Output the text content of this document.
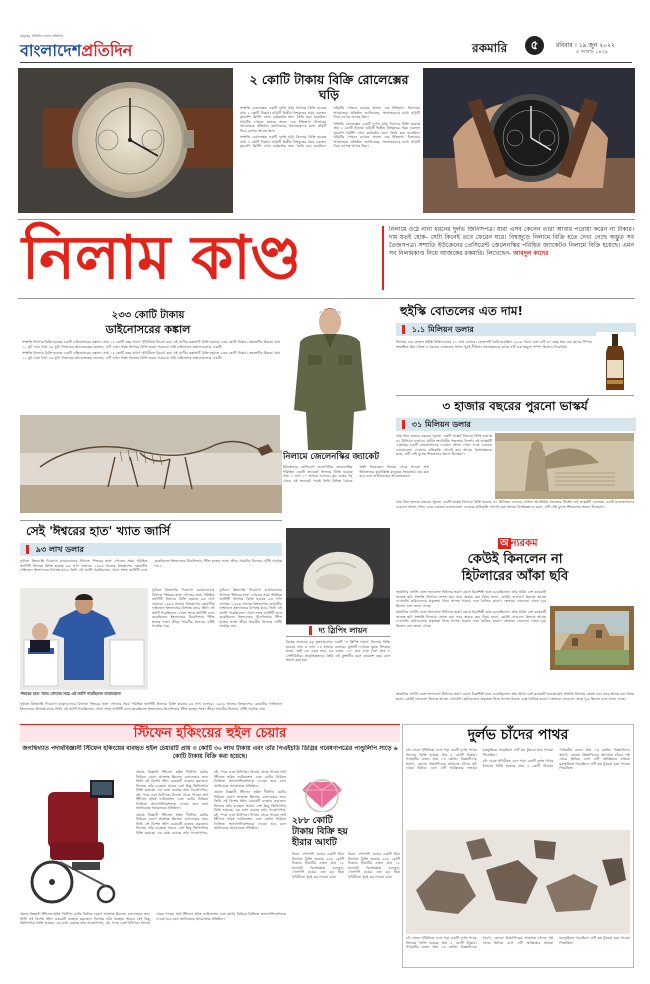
মানুষের প্রতিদিন সবার প্রতিদিন
বাংলাদেশপ্রতিদিন	রকমারি	৫	রবিবার । ১৯ জুন ২০২২
৫ আষাঢ় ১৪২৯
২ কোটি টাকায় বিক্রি রোলেক্সের ঘড়ি

সম্প্রতি রোলেক্সের একটি দুর্লভ ঘড়ি নিলামে বিক্রি হয়েছে প্রায় ২ কোটি টাকায়। ঘড়িটি দ্বিতীয় বিশ্বযুদ্ধের সময় একজন যুদ্ধবন্দি ব্রিটিশ সেনা কর্মকর্তার জন্য তৈরি করা হয়েছিল। ঘড়িটির পেছনে রয়েছে অনন্য এক ইতিহাস। নিলামের আয়োজক প্রতিষ্ঠান জানিয়েছে, সংগ্রাহকদের মধ্যে ঘড়িটি নিয়ে ব্যাপক আগ্রহ ছিল।

সম্প্রতি রোলেক্সের একটি দুর্লভ ঘড়ি নিলামে বিক্রি হয়েছে প্রায় ২ কোটি টাকায়। ঘড়িটি দ্বিতীয় বিশ্বযুদ্ধের সময় একজন যুদ্ধবন্দি ব্রিটিশ সেনা কর্মকর্তার জন্য তৈরি করা হয়েছিল। ঘড়িটির পেছনে রয়েছে অনন্য এক ইতিহাস। নিলামের আয়োজক প্রতিষ্ঠান জানিয়েছে, সংগ্রাহকদের মধ্যে ঘড়িটি নিয়ে ব্যাপক আগ্রহ ছিল।

সম্প্রতি রোলেক্সের একটি দুর্লভ ঘড়ি নিলামে বিক্রি হয়েছে প্রায় ২ কোটি টাকায়। ঘড়িটি দ্বিতীয় বিশ্বযুদ্ধের সময় একজন যুদ্ধবন্দি ব্রিটিশ সেনা কর্মকর্তার জন্য তৈরি করা হয়েছিল। ঘড়িটির পেছনে রয়েছে অনন্য এক ইতিহাস। নিলামের আয়োজক প্রতিষ্ঠান জানিয়েছে, সংগ্রাহকদের মধ্যে ঘড়িটি নিয়ে ব্যাপক আগ্রহ ছিল।

নিলাম কাণ্ড	নিলামে ওঠে নানা ধরনের দুর্লভ জিনিসপত্র। যারা এসব কেনেন তারা আবার পরোয়া করেন না টাকার। দাম যতই হোক- সেটা কিনেই তবে ফেরেন ঘরে। বিশ্বজুড়ে নিলামে বিক্রি হতে দেখা গেছে অদ্ভুত সব তৈজসপত্র। সম্প্রতি ইউক্রেনের প্রেসিডেন্ট জেলেনস্কির পরিহিত জ্যাকেটও নিলামে বিক্রি হয়েছে। এমন সব নিলামকাণ্ড নিয়ে আজকের রকমারি। লিখেছেন- আবদুল কাদের
২৩৩ কোটি টাকায়
ডাইনোসরের কঙ্কাল

সম্প্রতি নিলামে বিক্রি হয়েছে একটি ডাইনোসরের কঙ্কাল। প্রায় ১৫ কোটি বছর আগে পৃথিবীতে বিচরণ করা এই প্রাণীর কঙ্কালটি বিক্রি হয়েছে ২৩৩ কোটি টাকায়। কঙ্কালটির উচ্চতা প্রায় ১১ ফুট এবং দৈর্ঘ্য ২৬ ফুট। নিলামের আয়োজকরা জানান, এটি এখন পর্যন্ত নিলামে বিক্রি হওয়া সবচেয়ে দামি ডাইনোসর কঙ্কালগুলোর একটি।

সম্প্রতি নিলামে বিক্রি হয়েছে একটি ডাইনোসরের কঙ্কাল। প্রায় ১৫ কোটি বছর আগে পৃথিবীতে বিচরণ করা এই প্রাণীর কঙ্কালটি বিক্রি হয়েছে ২৩৩ কোটি টাকায়। কঙ্কালটির উচ্চতা প্রায় ১১ ফুট এবং দৈর্ঘ্য ২৬ ফুট। নিলামের আয়োজকরা জানান, এটি এখন পর্যন্ত নিলামে বিক্রি হওয়া সবচেয়ে দামি ডাইনোসর কঙ্কালগুলোর একটি।

নিলামে জেলেনস্কির জ্যাকেট

ইউক্রেনের প্রেসিডেন্ট ভলোদিমির জেলেনস্কির পরিহিত একটি জ্যাকেট নিলামে বিক্রি হয়েছে প্রায় ১ লাখ ১০ হাজার ডলারে। যুদ্ধ শুরুর পর থেকে এই জ্যাকেট পরেই তিনি বিভিন্ন বৈঠকে অংশ নিয়েছেন। নিলাম থেকে পাওয়া অর্থ ইউক্রেনের যুদ্ধবিধ্বস্ত মানুষের সহায়তায় ব্যয় করা হবে বলে জানিয়েছেন আয়োজকরা।

হুইস্কি বোতলের এত দাম!
১.১ মিলিয়ন ডলার

নিলামে এক বোতল হুইস্কি বিক্রি হয়েছে ১১ লাখ ডলারে। বোতলটি তৈরি হয়েছিল ১৯২৬ সালে এবং এটি ৬০ বছর ধরে ওক কাঠের পিপায় সংরক্ষিত ছিল। বিশ্বে এ ধরনের বোতলের সংখ্যা খুবই সীমিত। সংগ্রাহকদের কাছে এটি এক অমূল্য সম্পদ হিসেবে বিবেচিত।

৩ হাজার বছরের পুরনো ভাস্কর্য
৩১ মিলিয়ন ডলার

প্রায় তিন হাজার বছরের পুরনো একটি ভাস্কর্য নিলামে বিক্রি হয়েছে ৩১ মিলিয়ন ডলারে। প্রাচীন অ্যাসিরীয় সভ্যতার নিদর্শন এই ভাস্কর্যটি একসময় একটি রাজপ্রাসাদের দেয়ালে শোভা পেত। এতে একজন ডানাওয়ালা দেবতার প্রতিকৃতি খোদাই করা আছে। বিশেষজ্ঞদের মতে, এটি সেই যুগের শিল্পকলার অনন্য উদাহরণ।

প্রায় তিন হাজার বছরের পুরনো একটি ভাস্কর্য নিলামে বিক্রি হয়েছে ৩১ মিলিয়ন ডলারে। প্রাচীন অ্যাসিরীয় সভ্যতার নিদর্শন এই ভাস্কর্যটি একসময় একটি রাজপ্রাসাদের দেয়ালে শোভা পেত। এতে একজন ডানাওয়ালা দেবতার প্রতিকৃতি খোদাই করা আছে। বিশেষজ্ঞদের মতে, এটি সেই যুগের শিল্পকলার অনন্য উদাহরণ।

সেই 'ঈশ্বরের হাত' খ্যাত জার্সি
৯৩ লাখ ডলার

ফুটবল কিংবদন্তি দিয়েগো ম্যারাডোনার বিখ্যাত 'ঈশ্বরের হাত' গোলের সময় পরিহিত জার্সিটি নিলামে বিক্রি হয়েছে ৯৩ লাখ ডলারে। ১৯৮৬ সালের বিশ্বকাপের কোয়ার্টার ফাইনালে ইংল্যান্ডের বিপক্ষে ম্যাচে তিনি এই জার্সি পরেছিলেন। খেলা শেষে জার্সিটি বদল করেছিলেন ইংল্যান্ডের মিডফিল্ডার স্টিভ হজের সঙ্গে। ক্রীড়া সামগ্রীর নিলামে এটিই সর্বোচ্চ দাম।

ফুটবল কিংবদন্তি দিয়েগো ম্যারাডোনার বিখ্যাত 'ঈশ্বরের হাত' গোলের সময় পরিহিত জার্সিটি নিলামে বিক্রি হয়েছে ৯৩ লাখ ডলারে। ১৯৮৬ সালের বিশ্বকাপের কোয়ার্টার ফাইনালে ইংল্যান্ডের বিপক্ষে ম্যাচে তিনি এই জার্সি পরেছিলেন। খেলা শেষে জার্সিটি বদল করেছিলেন ইংল্যান্ডের মিডফিল্ডার স্টিভ হজের সঙ্গে। ক্রীড়া সামগ্রীর নিলামে এটিই সর্বোচ্চ দাম।

ফুটবল কিংবদন্তি দিয়েগো ম্যারাডোনার বিখ্যাত 'ঈশ্বরের হাত' গোলের সময় পরিহিত জার্সিটি নিলামে বিক্রি হয়েছে ৯৩ লাখ ডলারে। ১৯৮৬ সালের বিশ্বকাপের কোয়ার্টার ফাইনালে ইংল্যান্ডের বিপক্ষে ম্যাচে তিনি এই জার্সি পরেছিলেন। খেলা শেষে জার্সিটি বদল করেছিলেন ইংল্যান্ডের মিডফিল্ডার স্টিভ হজের সঙ্গে। ক্রীড়া সামগ্রীর নিলামে এটিই সর্বোচ্চ দাম।

'ঈশ্বরের হাত' খ্যাত গোলের সময় এই জার্সি পরেছিলেন ম্যারাডোনা

ফুটবল কিংবদন্তি দিয়েগো ম্যারাডোনার বিখ্যাত 'ঈশ্বরের হাত' গোলের সময় পরিহিত জার্সিটি নিলামে বিক্রি হয়েছে ৯৩ লাখ ডলারে। ১৯৮৬ সালের বিশ্বকাপের কোয়ার্টার ফাইনালে ইংল্যান্ডের বিপক্ষে ম্যাচে তিনি এই জার্সি পরেছিলেন। খেলা শেষে জার্সিটি বদল করেছিলেন ইংল্যান্ডের মিডফিল্ডার স্টিভ হজের সঙ্গে। ক্রীড়া সামগ্রীর নিলামে এটিই সর্বোচ্চ দাম।

দ্য স্লিপিং লায়ন

বিশ্বের সবচেয়ে বড় মুক্তাগুলোর একটি 'দ্য স্লিপিং লায়ন' নিলামে বিক্রি হয়েছে প্রায় ৩ লাখ ৭৪ হাজার ডলারে। মুক্তাটি দেখতে ঘুমন্ত সিংহের মতো, তাই এর এমন নাম। এর ওজন ১২০ গ্রাম এবং দৈর্ঘ্য প্রায় ৭ সেন্টিমিটার। প্রাকৃতিকভাবে তৈরি এই মুক্তাটির বয়স কয়েকশ বছর বলে ধারণা করা হয়।

অ ন্যরকম
কেউই কিনলেন না
হিটলারের আঁকা ছবি

জার্মানির নাৎসি নেতা অ্যাডলফ হিটলার তরুণ বয়সে চিত্রশিল্পী হতে চেয়েছিলেন। তাঁর আঁকা বেশ কয়েকটি জলরং ছবি সম্প্রতি নিলামে তোলা হয়। তবে অবাক করা বিষয় হলো, কেউই সেগুলো কিনতে আগ্রহ দেখাননি। ছবিগুলোর প্রকৃততা নিয়ে সন্দেহ থাকায় এবং নৈতিক কারণে ক্রেতারা সেগুলো থেকে দূরে ছিলেন বলে জানা গেছে।

জার্মানির নাৎসি নেতা অ্যাডলফ হিটলার তরুণ বয়সে চিত্রশিল্পী হতে চেয়েছিলেন। তাঁর আঁকা বেশ কয়েকটি জলরং ছবি সম্প্রতি নিলামে তোলা হয়। তবে অবাক করা বিষয় হলো, কেউই সেগুলো কিনতে আগ্রহ দেখাননি। ছবিগুলোর প্রকৃততা নিয়ে সন্দেহ থাকায় এবং নৈতিক কারণে ক্রেতারা সেগুলো থেকে দূরে ছিলেন বলে জানা গেছে।

জার্মানির নাৎসি নেতা অ্যাডলফ হিটলার তরুণ বয়সে চিত্রশিল্পী হতে চেয়েছিলেন। তাঁর আঁকা বেশ কয়েকটি জলরং ছবি সম্প্রতি নিলামে তোলা হয়। তবে অবাক করা বিষয় হলো, কেউই সেগুলো কিনতে আগ্রহ দেখাননি। ছবিগুলোর প্রকৃততা নিয়ে সন্দেহ থাকায় এবং নৈতিক কারণে ক্রেতারা সেগুলো থেকে দূরে ছিলেন বলে জানা গেছে।

স্টিফেন হকিংয়ের হুইল চেয়ার
জগদ্বিখ্যাত পদার্থবিজ্ঞানী স্টিফেন হকিংয়ের ব্যবহৃত হুইল চেয়ারটি প্রায় ৩ কোটি ৩০ লাখ টাকায় এবং তাঁর পিএইচডি ডিগ্রির গবেষণাপত্রের পাণ্ডুলিপি সাড়ে ৬ কোটি টাকায় বিক্রি করা হয়েছে।

প্রয়াত বিজ্ঞানী স্টিফেন হকিং দীর্ঘদিন মোটর নিউরন রোগে আক্রান্ত ছিলেন। চলাফেরার জন্য তিনি এই বিশেষ হুইল চেয়ারটি ব্যবহার করতেন। নিলামে তাঁর ব্যবহৃত আরও বেশ কিছু জিনিসপত্র বিক্রি হয়েছে। এর মধ্যে রয়েছে তাঁর গবেষণাপত্র, বই, পদক এবং চিঠিপত্র। নিলাম থেকে পাওয়া অর্থ স্টিফেন হকিং ফাউন্ডেশন এবং মোটর নিউরন ডিজিজ অ্যাসোসিয়েশনকে দেওয়া হবে বলে জানিয়েছে আয়োজক প্রতিষ্ঠান।

প্রয়াত বিজ্ঞানী স্টিফেন হকিং দীর্ঘদিন মোটর নিউরন রোগে আক্রান্ত ছিলেন। চলাফেরার জন্য তিনি এই বিশেষ হুইল চেয়ারটি ব্যবহার করতেন। নিলামে তাঁর ব্যবহৃত আরও বেশ কিছু জিনিসপত্র বিক্রি হয়েছে। এর মধ্যে রয়েছে তাঁর গবেষণাপত্র, বই, পদক এবং চিঠিপত্র। নিলাম থেকে পাওয়া অর্থ স্টিফেন হকিং ফাউন্ডেশন এবং মোটর নিউরন ডিজিজ অ্যাসোসিয়েশনকে দেওয়া হবে বলে জানিয়েছে আয়োজক প্রতিষ্ঠান।

প্রয়াত বিজ্ঞানী স্টিফেন হকিং দীর্ঘদিন মোটর নিউরন রোগে আক্রান্ত ছিলেন। চলাফেরার জন্য তিনি এই বিশেষ হুইল চেয়ারটি ব্যবহার করতেন। নিলামে তাঁর ব্যবহৃত আরও বেশ কিছু জিনিসপত্র বিক্রি হয়েছে। এর মধ্যে রয়েছে তাঁর গবেষণাপত্র, বই, পদক এবং চিঠিপত্র। নিলাম থেকে পাওয়া অর্থ স্টিফেন হকিং ফাউন্ডেশন এবং মোটর নিউরন ডিজিজ অ্যাসোসিয়েশনকে দেওয়া হবে বলে জানিয়েছে আয়োজক প্রতিষ্ঠান।

প্রয়াত বিজ্ঞানী স্টিফেন হকিং দীর্ঘদিন মোটর নিউরন রোগে আক্রান্ত ছিলেন। চলাফেরার জন্য তিনি এই বিশেষ হুইল চেয়ারটি ব্যবহার করতেন। নিলামে তাঁর ব্যবহৃত আরও বেশ কিছু জিনিসপত্র বিক্রি হয়েছে। এর মধ্যে রয়েছে তাঁর গবেষণাপত্র, বই, পদক এবং চিঠিপত্র। নিলাম থেকে পাওয়া অর্থ স্টিফেন হকিং ফাউন্ডেশন এবং মোটর নিউরন ডিজিজ অ্যাসোসিয়েশনকে দেওয়া হবে বলে জানিয়েছে আয়োজক প্রতিষ্ঠান।

২৮৮ কোটি
টাকায় বিক্রি হয়
হীরার আংটি

বিরল গোলাপি রঙের একটি হীরা নিলামে বিক্রি হয়েছে ২৮৮ কোটি টাকায়। হীরাটির ওজন প্রায় ১৫ ক্যারেট। বিশেষজ্ঞরা বলছেন, গোলাপি রঙের এত বড় হীরা পৃথিবীতে খুবই কম পাওয়া যায়।

বিরল গোলাপি রঙের একটি হীরা নিলামে বিক্রি হয়েছে ২৮৮ কোটি টাকায়। হীরাটির ওজন প্রায় ১৫ ক্যারেট। বিশেষজ্ঞরা বলছেন, গোলাপি রঙের এত বড় হীরা পৃথিবীতে খুবই কম পাওয়া যায়।

দুর্লভ চাঁদের পাথর

চাঁদ থেকে পৃথিবীতে এসে পড়া একটি দুর্লভ পাথর নিলামে বিক্রি হয়েছে প্রায় ৫ কোটি টাকায়। পাথরটির ওজন প্রায় ১৩ কেজি। বিজ্ঞানীদের ধারণা, কোনো উল্কাপিণ্ডের আঘাতে চাঁদের পৃষ্ঠ থেকে ছিটকে এসে এটি আফ্রিকার সাহারা মরুভূমিতে পড়েছিল। এটি ছয় টুকরো হয়ে পাওয়া গিয়েছিল।

চাঁদ থেকে পৃথিবীতে এসে পড়া একটি দুর্লভ পাথর নিলামে বিক্রি হয়েছে প্রায় ৫ কোটি টাকায়। পাথরটির ওজন প্রায় ১৩ কেজি। বিজ্ঞানীদের ধারণা, কোনো উল্কাপিণ্ডের আঘাতে চাঁদের পৃষ্ঠ থেকে ছিটকে এসে এটি আফ্রিকার সাহারা মরুভূমিতে পড়েছিল। এটি ছয় টুকরো হয়ে পাওয়া গিয়েছিল।

চাঁদ থেকে পৃথিবীতে এসে পড়া একটি দুর্লভ পাথর নিলামে বিক্রি হয়েছে প্রায় ৫ কোটি টাকায়। পাথরটির ওজন প্রায় ১৩ কেজি। বিজ্ঞানীদের ধারণা, কোনো উল্কাপিণ্ডের আঘাতে চাঁদের পৃষ্ঠ থেকে ছিটকে এসে এটি আফ্রিকার সাহারা মরুভূমিতে পড়েছিল। এটি ছয় টুকরো হয়ে পাওয়া গিয়েছিল।
